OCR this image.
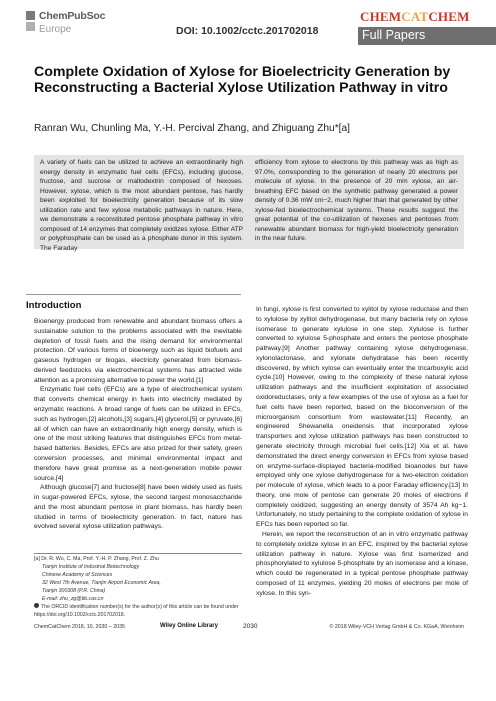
ChemPubSoc
Europe	DOI: 10.1002/cctc.201702018
CHEMCATCHEM
Full Papers
Complete Oxidation of Xylose for Bioelectricity Generation by Reconstructing a Bacterial Xylose Utilization Pathway in vitro
Ranran Wu, Chunling Ma, Y.-H. Percival Zhang, and Zhiguang Zhu*[a]
A variety of fuels can be utilized to achieve an extraordinarily high energy density in enzymatic fuel cells (EFCs), including glucose, fructose, and sucrose or maltodextrin composed of hexoses. However, xylose, which is the most abundant pentose, has hardly been exploited for bioelectricity generation because of its slow utilization rate and few xylose metabolic pathways in nature. Here, we demonstrate a reconstituted pentose phosphate pathway in vitro composed of 14 enzymes that completely oxidizes xylose. Either ATP or polyphosphate can be used as a phosphate donor in this system. The Faraday
efficiency from xylose to electrons by this pathway was as high as 97.0%, corresponding to the generation of nearly 20 electrons per molecule of xylose. In the presence of 20 mm xylose, an air-breathing EFC based on the synthetic pathway generated a power density of 0.36 mW cm−2, much higher than that generated by other xylose-fed bioelectrochemical systems. These results suggest the great potential of the co-utilization of hexoses and pentoses from renewable abundant biomass for high-yield bioelectricity generation in the near future.
Introduction

Bioenergy produced from renewable and abundant biomass offers a sustainable solution to the problems associated with the inevitable depletion of fossil fuels and the rising demand for environmental protection. Of various forms of bioenergy such as liquid biofuels and gaseous hydrogen or biogas, electricity generated from biomass-derived feedstocks via electrochemical systems has attracted wide attention as a promising alternative to power the world.[1]

Enzymatic fuel cells (EFCs) are a type of electrochemical system that converts chemical energy in fuels into electricity mediated by enzymatic reactions. A broad range of fuels can be utilized in EFCs, such as hydrogen,[2] alcohols,[3] sugars,[4] glycerol,[5] or pyruvate,[6] all of which can have an extraordinarily high energy density, which is one of the most striking features that distinguishes EFCs from metal-based batteries. Besides, EFCs are also prized for their safety, green conversion processes, and minimal environmental impact and therefore have great promise as a next-generation mobile power source.[4]

Although glucose[7] and fructose[8] have been widely used as fuels in sugar-powered EFCs, xylose, the second largest monosaccharide and the most abundant pentose in plant biomass, has hardly been studied in terms of bioelectricity generation. In fact, nature has evolved several xylose utilization pathways.

In fungi, xylose is first converted to xylitol by xylose reductase and then to xylulose by xylitol dehydrogenase, but many bacteria rely on xylose isomerase to generate xylulose in one step. Xylulose is further converted to xylulose 5-phosphate and enters the pentose phosphate pathway.[9] Another pathway containing xylose dehydrogenase, xylonolactonase, and xylonate dehydratase has been recently discovered, by which xylose can eventually enter the tricarboxylic acid cycle.[10] However, owing to the complexity of these natural xylose utilization pathways and the insufficient exploitation of associated oxidoreductases, only a few examples of the use of xylose as a fuel for fuel cells have been reported, based on the bioconversion of the microorganism consortium from wastewater.[11] Recently, an engineered Shewanella oneidensis that incorporated xylose transporters and xylose utilization pathways has been constructed to generate electricity through microbial fuel cells.[12] Xia et al. have demonstrated the direct energy conversion in EFCs from xylose based on enzyme-surface-displayed bacteria-modified bioanodes but have employed only one xylose dehydrogenase for a two-electron oxidation per molecule of xylose, which leads to a poor Faraday efficiency.[13] In theory, one mole of pentose can generate 20 moles of electrons if completely oxidized, suggesting an energy density of 3574 Ah kg−1. Unfortunately, no study pertaining to the complete oxidation of xylose in EFCs has been reported so far.

Herein, we report the reconstruction of an in vitro enzymatic pathway to completely oxidize xylose in an EFC, inspired by the bacterial xylose utilization pathway in nature. Xylose was first isomerized and phosphorylated to xylulose 5-phosphate by an isomerase and a kinase, which could be regenerated in a typical pentose phosphate pathway composed of 11 enzymes, yielding 20 moles of electrons per mole of xylose. In this syn-

[a] Dr. R. Wu, C. Ma, Prof. Y.-H. P. Zhang, Prof. Z. Zhu
Tianjin Institute of Industrial Biotechnology
Chinese Academy of Sciences
32 West 7th Avenue, Tianjin Airport Economic Area,
Tianjin 300308 (P.R. China)
E-mail: zhu_zg@tib.cas.cn
The ORCID identification number(s) for the author(s) of this article can be found under https://doi.org/10.1002/cctc.201702018.
ChemCatChem 2018, 10, 2030 – 2035	Wiley Online Library	2030	© 2018 Wiley-VCH Verlag GmbH & Co. KGaA, Weinheim
